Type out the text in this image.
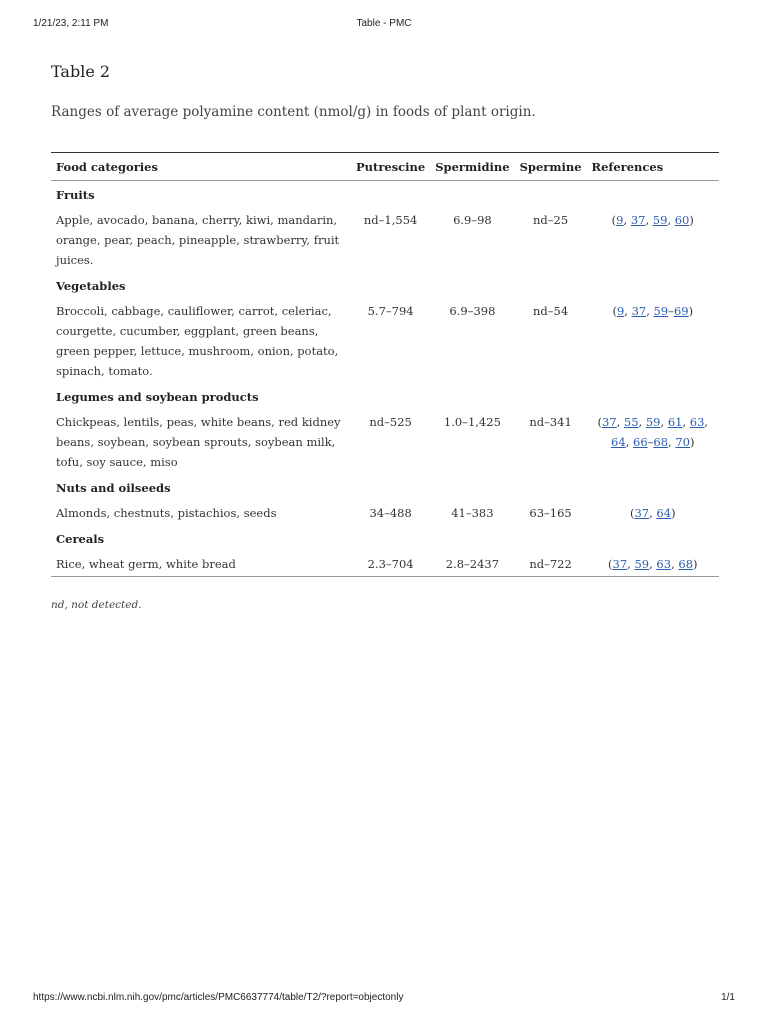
1/21/23, 2:11 PM	Table - PMC
Table 2
Ranges of average polyamine content (nmol/g) in foods of plant origin.
Food categories	Putrescine	Spermidine	Spermine	References
Fruits				
Apple, avocado, banana, cherry, kiwi, mandarin, orange, pear, peach, pineapple, strawberry, fruit juices.	nd–1,554	6.9–98	nd–25	(9, 37, 59, 60)
Vegetables				
Broccoli, cabbage, cauliflower, carrot, celeriac, courgette, cucumber, eggplant, green beans, green pepper, lettuce, mushroom, onion, potato, spinach, tomato.	5.7–794	6.9–398	nd–54	(9, 37, 59–69)
Legumes and soybean products				
Chickpeas, lentils, peas, white beans, red kidney beans, soybean, soybean sprouts, soybean milk, tofu, soy sauce, miso	nd–525	1.0–1,425	nd–341	(37, 55, 59, 61, 63, 64, 66–68, 70)
Nuts and oilseeds				
Almonds, chestnuts, pistachios, seeds	34–488	41–383	63–165	(37, 64)
Cereals				
Rice, wheat germ, white bread	2.3–704	2.8–2437	nd–722	(37, 59, 63, 68)
nd, not detected.
https://www.ncbi.nlm.nih.gov/pmc/articles/PMC6637774/table/T2/?report=objectonly	1/1
